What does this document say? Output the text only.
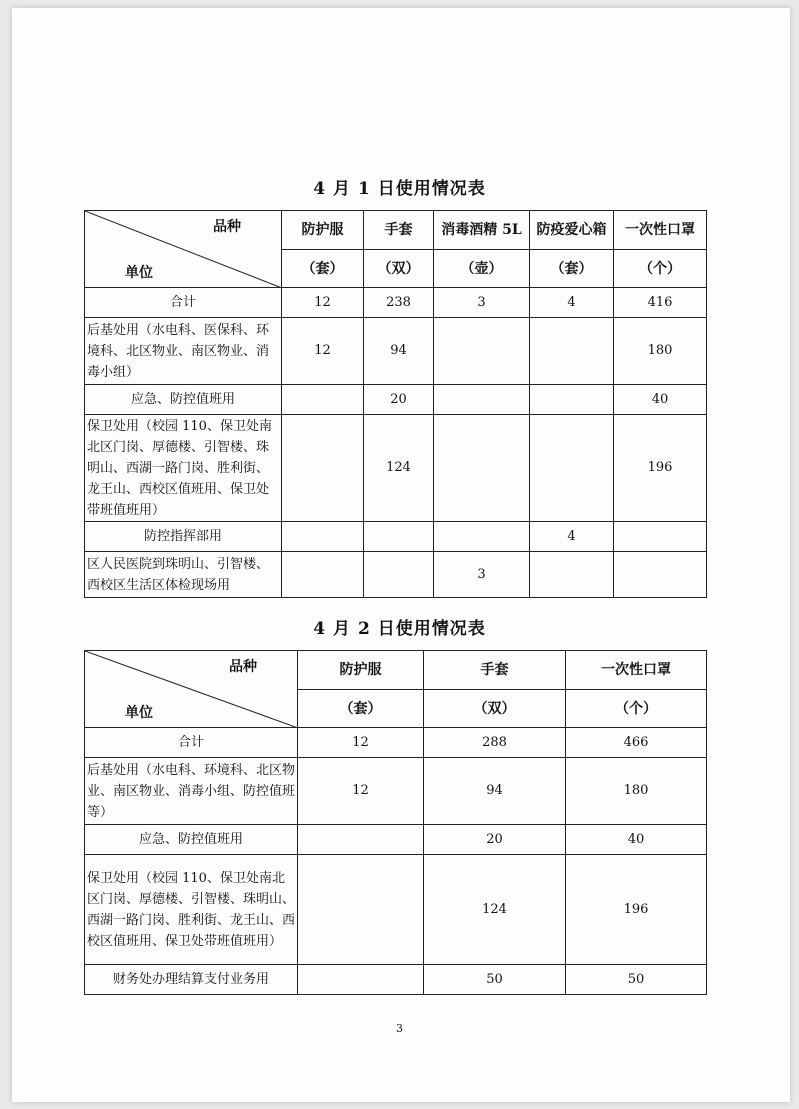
4 月 1 日使用情况表
品种
单位	防护服	手套	消毒酒精 5L	防疫爱心箱	一次性口罩
	（套）	（双）	（壶）	（套）	（个）
合计	12	238	3	4	416
后基处用（水电科、医保科、环境科、北区物业、南区物业、消毒小组）	12	94			180
应急、防控值班用		20			40
保卫处用（校园 110、保卫处南北区门岗、厚德楼、引智楼、珠明山、西湖一路门岗、胜利街、龙王山、西校区值班用、保卫处带班值班用）		124			196
防控指挥部用				4	
区人民医院到珠明山、引智楼、西校区生活区体检现场用			3		
4 月 2 日使用情况表
品种
单位	防护服	手套	一次性口罩
	（套）	（双）	（个）
合计	12	288	466
后基处用（水电科、环境科、北区物业、南区物业、消毒小组、防控值班等）	12	94	180
应急、防控值班用		20	40
保卫处用（校园 110、保卫处南北区门岗、厚德楼、引智楼、珠明山、西湖一路门岗、胜利街、龙王山、西校区值班用、保卫处带班值班用）		124	196
财务处办理结算支付业务用		50	50
3
